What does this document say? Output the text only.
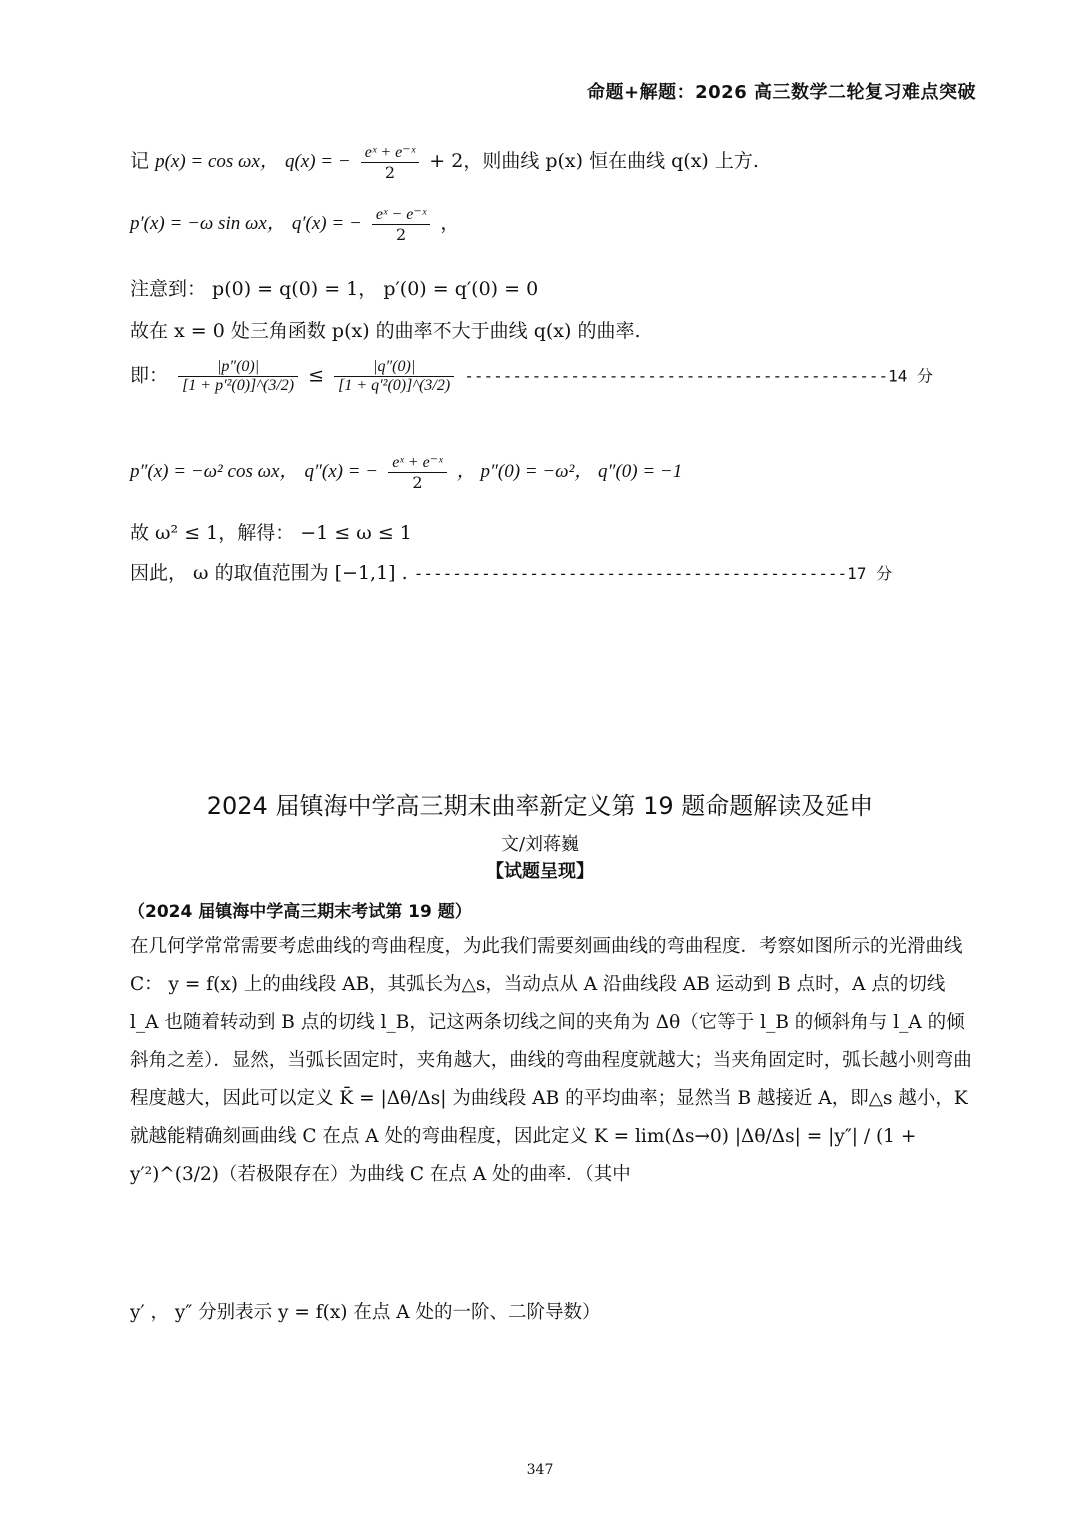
命题+解题：2026 高三数学二轮复习难点突破
记 p(x) = cos ωx， q(x) = − $\frac{\text{eˣ + e⁻ˣ}}{2} + 2$，则曲线 p(x) 恒在曲线 q(x) 上方.
p′(x) = −ω sin ωx， q′(x) = − $\frac{\text{eˣ − e⁻ˣ}}{2}$ ，
注意到： p(0) = q(0) = 1， p′(0) = q′(0) = 0
故在 x = 0 处三角函数 p(x) 的曲率不大于曲线 q(x) 的曲率.
即： $\frac{|p''(0)|}{\text{[1 + p′²(0)]\textasciicircum{}(3/2)}} \le \frac{|q''(0)|}{\text{[1 + q′²(0)]\textasciicircum{}(3/2)}} --------------------------------------------14$ 分
p″(x) = −ω² cos ωx， q″(x) = − $\frac{\text{eˣ + e⁻ˣ}}{2}$ ， p″(0) = −ω²， q″(0) = −1
故 ω² ≤ 1，解得： −1 ≤ ω ≤ 1
因此， ω 的取值范围为 [−1,1] . ---------------------------------------------17 分
2024 届镇海中学高三期末曲率新定义第 19 题命题解读及延申
文/刘蒋巍
【试题呈现】
（2024 届镇海中学高三期末考试第 19 题）
在几何学常常需要考虑曲线的弯曲程度，为此我们需要刻画曲线的弯曲程度．考察如图所示的光滑曲线 C： y = f(x) 上的曲线段 AB，其弧长为△s，当动点从 A 沿曲线段 AB 运动到 B 点时，A 点的切线 l_A 也随着转动到 B 点的切线 l_B，记这两条切线之间的夹角为 Δθ（它等于 l_B 的倾斜角与 l_A 的倾斜角之差）．显然，当弧长固定时，夹角越大，曲线的弯曲程度就越大；当夹角固定时，弧长越小则弯曲程度越大，因此可以定义 K̄ = |Δθ/Δs| 为曲线段 AB 的平均曲率；显然当 B 越接近 A，即△s 越小，K 就越能精确刻画曲线 C 在点 A 处的弯曲程度，因此定义 K = lim(Δs→0) |Δθ/Δs| = |y″| / (1 + y′²)^(3/2)（若极限存在）为曲线 C 在点 A 处的曲率．（其中
y′ ， y″ 分别表示 y = f(x) 在点 A 处的一阶、二阶导数）
347
